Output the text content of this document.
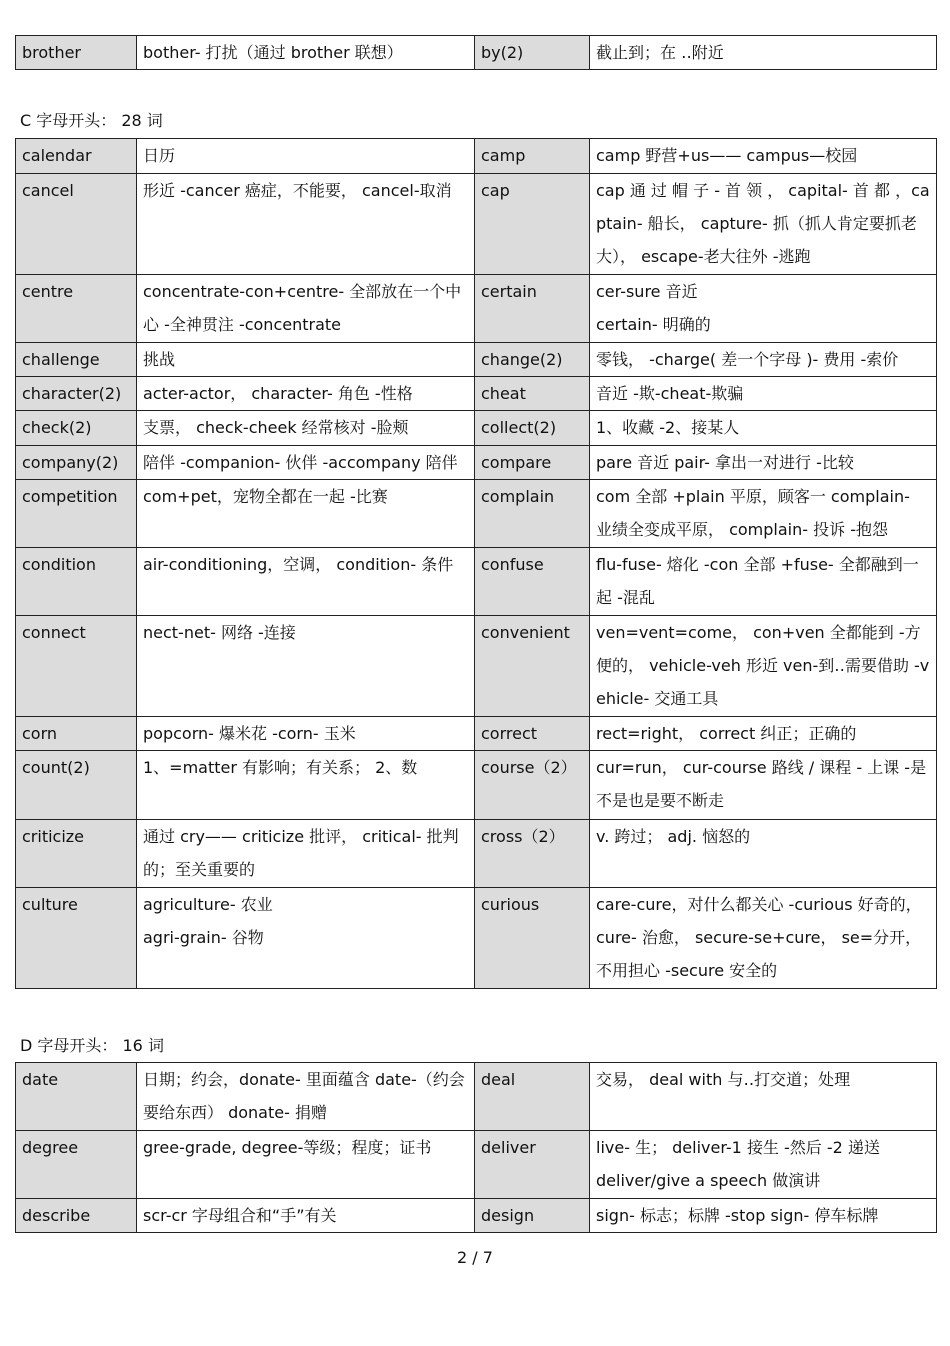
brother	bother- 打扰（通过 brother 联想）	by(2)	截止到；在 ‥附近
C 字母开头： 28 词
calendar	日历	camp	camp 野营+us—— campus—校园
cancel	形近 -cancer 癌症，不能要， cancel-取消	cap	cap 通 过 帽 子 - 首 领 ， capital- 首 都 ，captain- 船长， capture- 抓（抓人肯定要抓老大）， escape-老大往外 -逃跑
centre	concentrate-con+centre- 全部放在一个中心 -全神贯注 -concentrate	certain	cer-sure 音近
certain- 明确的
challenge	挑战	change(2)	零钱， -charge( 差一个字母 )- 费用 -索价
character(2)	acter-actor， character- 角色 -性格	cheat	音近 -欺-cheat-欺骗
check(2)	支票， check-cheek 经常核对 -脸颊	collect(2)	1、收藏 -2、接某人
company(2)	陪伴 -companion- 伙伴 -accompany 陪伴	compare	pare 音近 pair- 拿出一对进行 -比较
competition	com+pet，宠物全都在一起 -比赛	complain	com 全部 +plain 平原，顾客一 complain- 业绩全变成平原， complain- 投诉 -抱怨
condition	air-conditioning，空调， condition- 条件	confuse	flu-fuse- 熔化 -con 全部 +fuse- 全都融到一起 -混乱
connect	nect-net- 网络 -连接	convenient	ven=vent=come， con+ven 全都能到 -方便的， vehicle-veh 形近 ven-到‥需要借助 -vehicle- 交通工具
corn	popcorn- 爆米花 -corn- 玉米	correct	rect=right， correct 纠正；正确的
count(2)	1、=matter 有影响；有关系； 2、数	course（2）	cur=run， cur-course 路线 / 课程 - 上课 -是不是也是要不断走
criticize	通过 cry—— criticize 批评， critical- 批判的；至关重要的	cross（2）	v. 跨过； adj. 恼怒的
culture	agriculture- 农业
agri-grain- 谷物	curious	care-cure，对什么都关心 -curious 好奇的， cure- 治愈， secure-se+cure， se=分开，不用担心 -secure 安全的
D 字母开头： 16 词
date	日期；约会，donate- 里面蕴含 date-（约会要给东西） donate- 捐赠	deal	交易， deal with 与‥打交道；处理
degree	gree-grade, degree-等级；程度；证书	deliver	live- 生； deliver-1 接生 -然后 -2 递送
deliver/give a speech 做演讲
describe	scr-cr 字母组合和“手”有关	design	sign- 标志；标牌 -stop sign- 停车标牌
2 / 7
